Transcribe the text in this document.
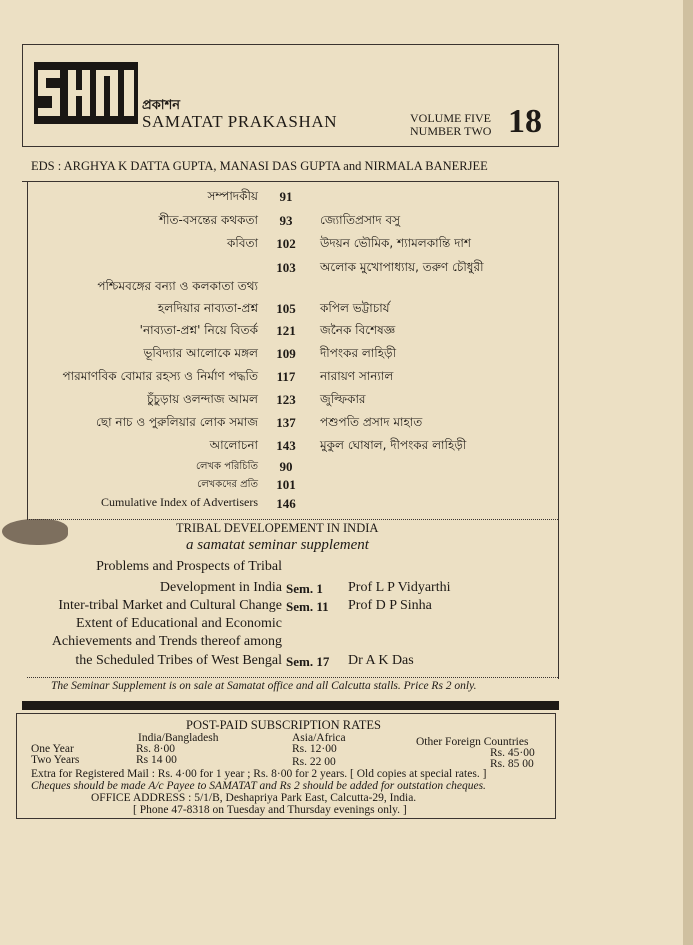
প্রকাশন
SAMATAT PRAKASHAN	VOLUME FIVE
NUMBER TWO 18
EDS : ARGHYA K DATTA GUPTA, MANASI DAS GUPTA and NIRMALA BANERJEE
সম্পাদকীয়	91
শীত-বসন্তের কথকতা	93	জ্যোতিপ্রসাদ বসু
কবিতা	102	উদয়ন ভৌমিক, শ্যামলকান্তি দাশ
103	অলোক মুখোপাধ্যায়, তরুণ চৌধুরী
পশ্চিমবঙ্গের বন্যা ও কলকাতা তথ্য
হলদিয়ার নাব্যতা-প্রশ্ন	105	কপিল ভট্টাচার্য
'নাব্যতা-প্রশ্ন' নিয়ে বিতর্ক	121	জনৈক বিশেষজ্ঞ
ভূবিদ্যার আলোকে মঙ্গল	109	দীপংকর লাহিড়ী
পারমাণবিক বোমার রহস্য ও নির্মাণ পদ্ধতি	117	নারায়ণ সান্যাল
চুঁচুড়ায় ওলন্দাজ আমল	123	জুল্ফিকার
ছো নাচ ও পুরুলিয়ার লোক সমাজ	137	পশুপতি প্রসাদ মাহাত
আলোচনা	143	মুকুল ঘোষাল, দীপংকর লাহিড়ী
লেখক পরিচিতি	90
লেখকদের প্রতি	101
Cumulative Index of Advertisers	146
TRIBAL DEVELOPEMENT IN INDIA
a samatat seminar supplement
Problems and Prospects of Tribal
Development in India Sem. 1 Prof L P Vidyarthi
Inter-tribal Market and Cultural Change Sem. 11 Prof D P Sinha
Extent of Educational and Economic
Achievements and Trends thereof among
the Scheduled Tribes of West Bengal Sem. 17 Dr A K Das
The Seminar Supplement is on sale at Samatat office and all Calcutta stalls. Price Rs 2 only.
POST-PAID SUBSCRIPTION RATES
India/Bangladesh	Asia/Africa	Other Foreign Countries
One Year	Rs. 8·00	Rs. 12·00	Rs. 45·00
Two Years	Rs 14 00	Rs. 22 00	Rs. 85 00
Extra for Registered Mail : Rs. 4·00 for 1 year ; Rs. 8·00 for 2 years. [ Old copies at special rates. ]
Cheques should be made A/c Payee to SAMATAT and Rs 2 should be added for outstation cheques.
OFFICE ADDRESS : 5/1/B, Deshapriya Park East, Calcutta-29, India.
[ Phone 47-8318 on Tuesday and Thursday evenings only. ]
